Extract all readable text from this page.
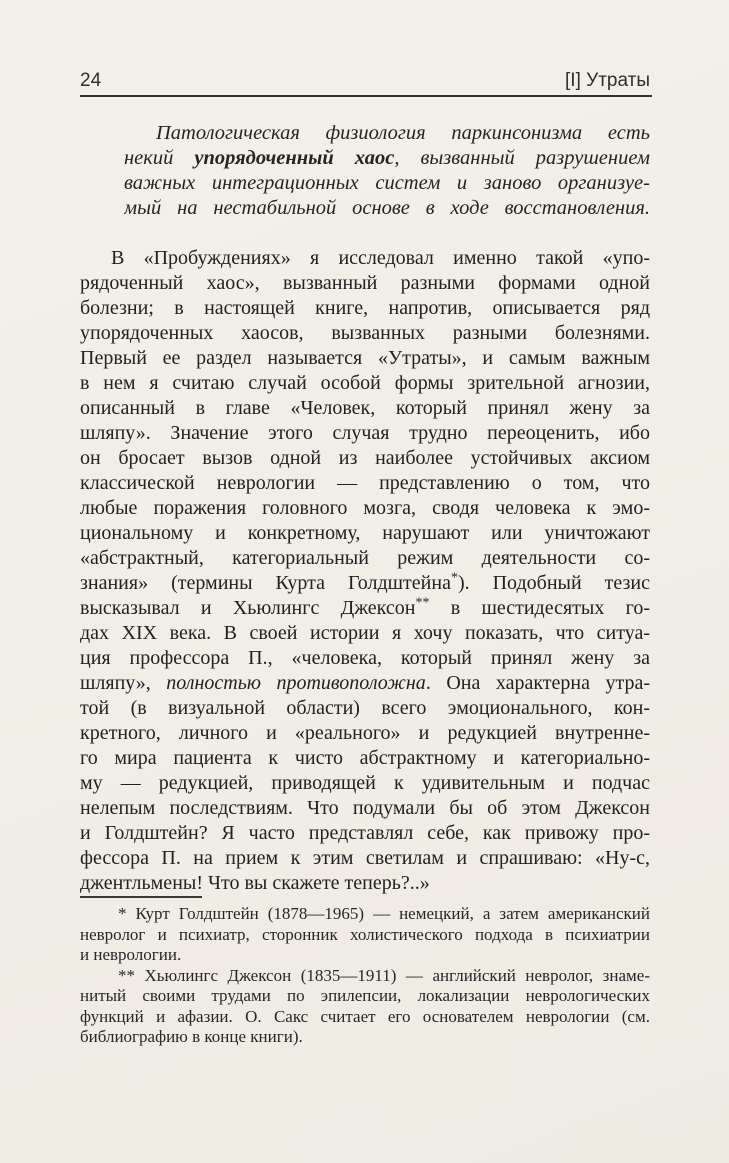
24	[I] Утраты
Патологическая физиология паркинсонизма есть
некий упорядоченный хаос, вызванный разрушением
важных интеграционных систем и заново организуе-
мый на нестабильной основе в ходе восстановления.
В «Пробуждениях» я исследовал именно такой «упо-
рядоченный хаос», вызванный разными формами одной
болезни; в настоящей книге, напротив, описывается ряд
упорядоченных хаосов, вызванных разными болезнями.
Первый ее раздел называется «Утраты», и самым важным
в нем я считаю случай особой формы зрительной агнозии,
описанный в главе «Человек, который принял жену за
шляпу». Значение этого случая трудно переоценить, ибо
он бросает вызов одной из наиболее устойчивых аксиом
классической неврологии — представлению о том, что
любые поражения головного мозга, сводя человека к эмо-
циональному и конкретному, нарушают или уничтожают
«абстрактный, категориальный режим деятельности со-
знания» (термины Курта Голдштейна*). Подобный тезис
высказывал и Хьюлингс Джексон** в шестидесятых го-
дах XIX века. В своей истории я хочу показать, что ситуа-
ция профессора П., «человека, который принял жену за
шляпу», полностью противоположна. Она характерна утра-
той (в визуальной области) всего эмоционального, кон-
кретного, личного и «реального» и редукцией внутренне-
го мира пациента к чисто абстрактному и категориально-
му — редукцией, приводящей к удивительным и подчас
нелепым последствиям. Что подумали бы об этом Джексон
и Голдштейн? Я часто представлял себе, как привожу про-
фессора П. на прием к этим светилам и спрашиваю: «Ну-с,
джентльмены! Что вы скажете теперь?..»
* Курт Голдштейн (1878—1965) — немецкий, а затем американский
невролог и психиатр, сторонник холистического подхода в психиатрии
и неврологии.
** Хьюлингс Джексон (1835—1911) — английский невролог, знаме-
нитый своими трудами по эпилепсии, локализации неврологических
функций и афазии. О. Сакс считает его основателем неврологии (см.
библиографию в конце книги).
